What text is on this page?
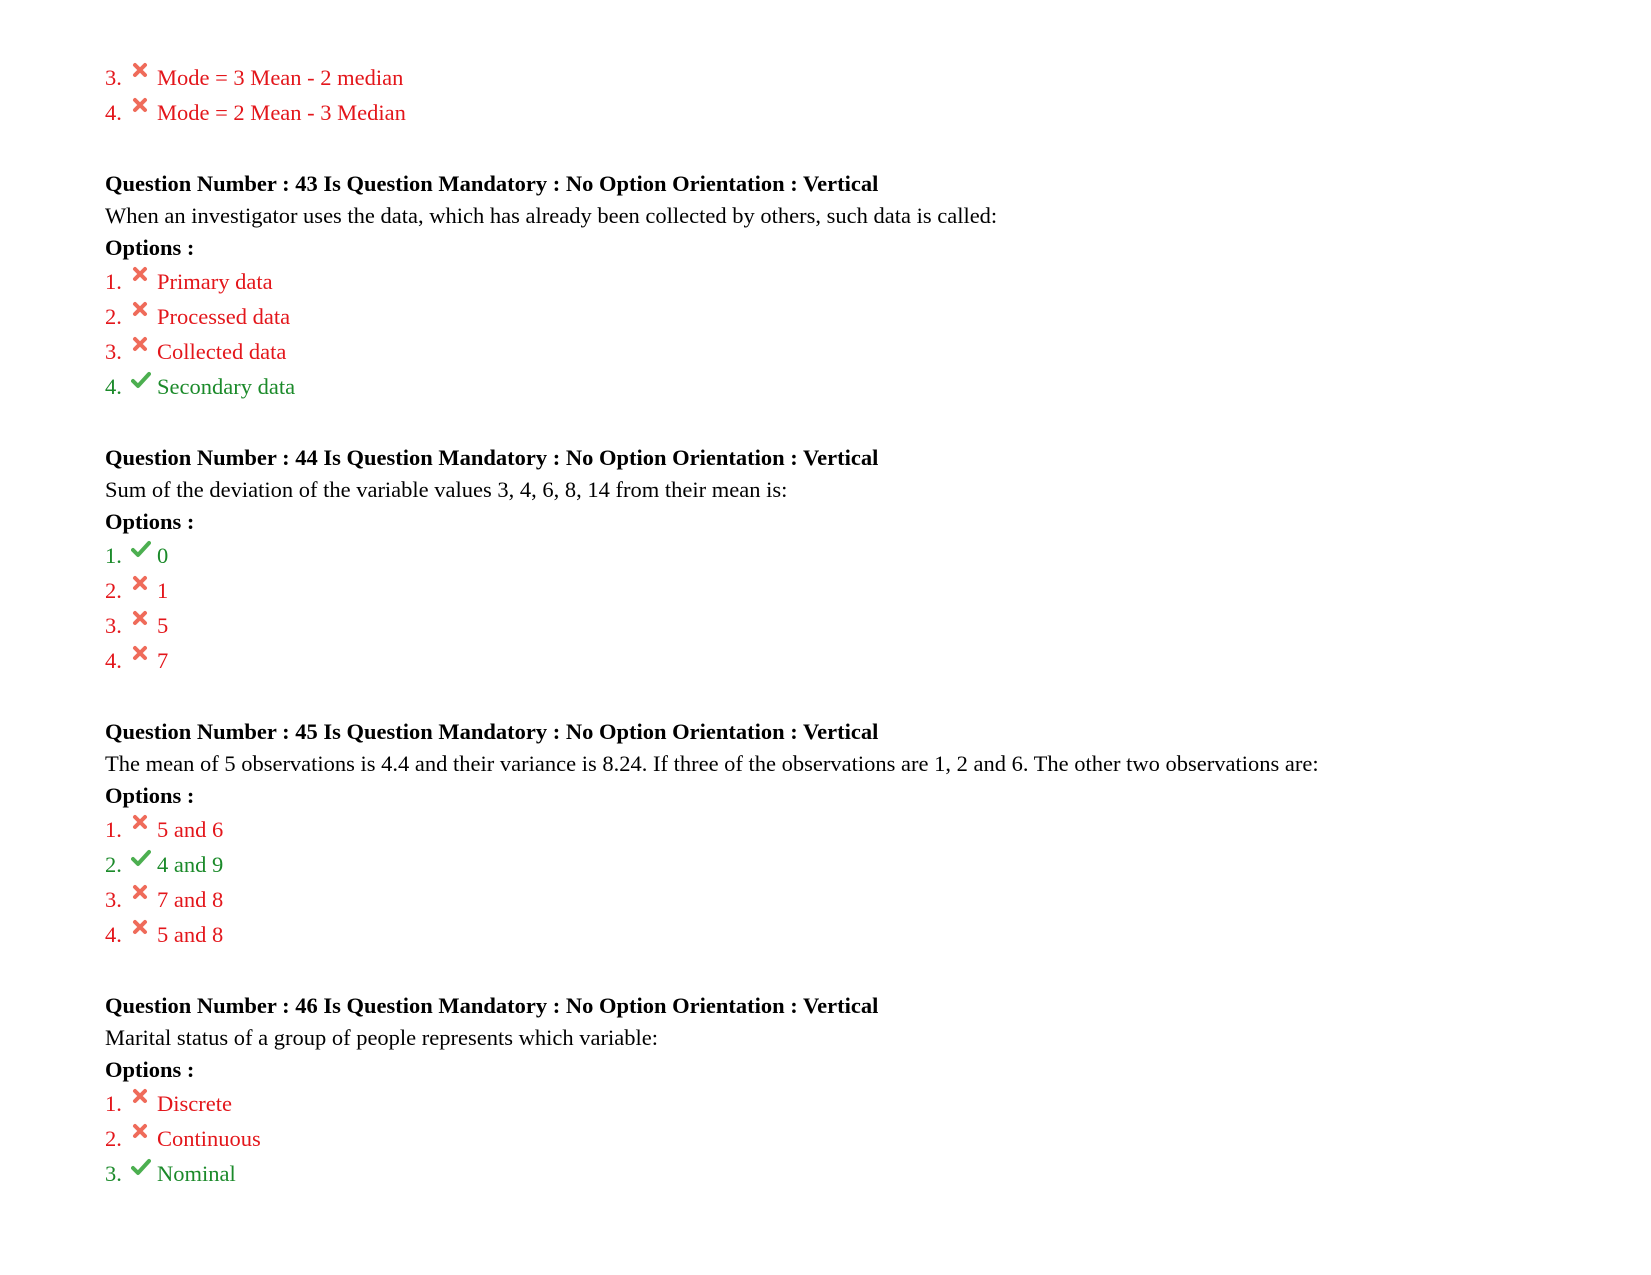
3. Mode = 3 Mean - 2 median
4. Mode = 2 Mean - 3 Median
Question Number : 43 Is Question Mandatory : No Option Orientation : Vertical
When an investigator uses the data, which has already been collected by others, such data is called:
Options :
1. Primary data
2. Processed data
3. Collected data
4. Secondary data
Question Number : 44 Is Question Mandatory : No Option Orientation : Vertical
Sum of the deviation of the variable values 3, 4, 6, 8, 14 from their mean is:
Options :
1. 0
2. 1
3. 5
4. 7
Question Number : 45 Is Question Mandatory : No Option Orientation : Vertical
The mean of 5 observations is 4.4 and their variance is 8.24. If three of the observations are 1, 2 and 6. The other two observations are:
Options :
1. 5 and 6
2. 4 and 9
3. 7 and 8
4. 5 and 8
Question Number : 46 Is Question Mandatory : No Option Orientation : Vertical
Marital status of a group of people represents which variable:
Options :
1. Discrete
2. Continuous
3. Nominal
